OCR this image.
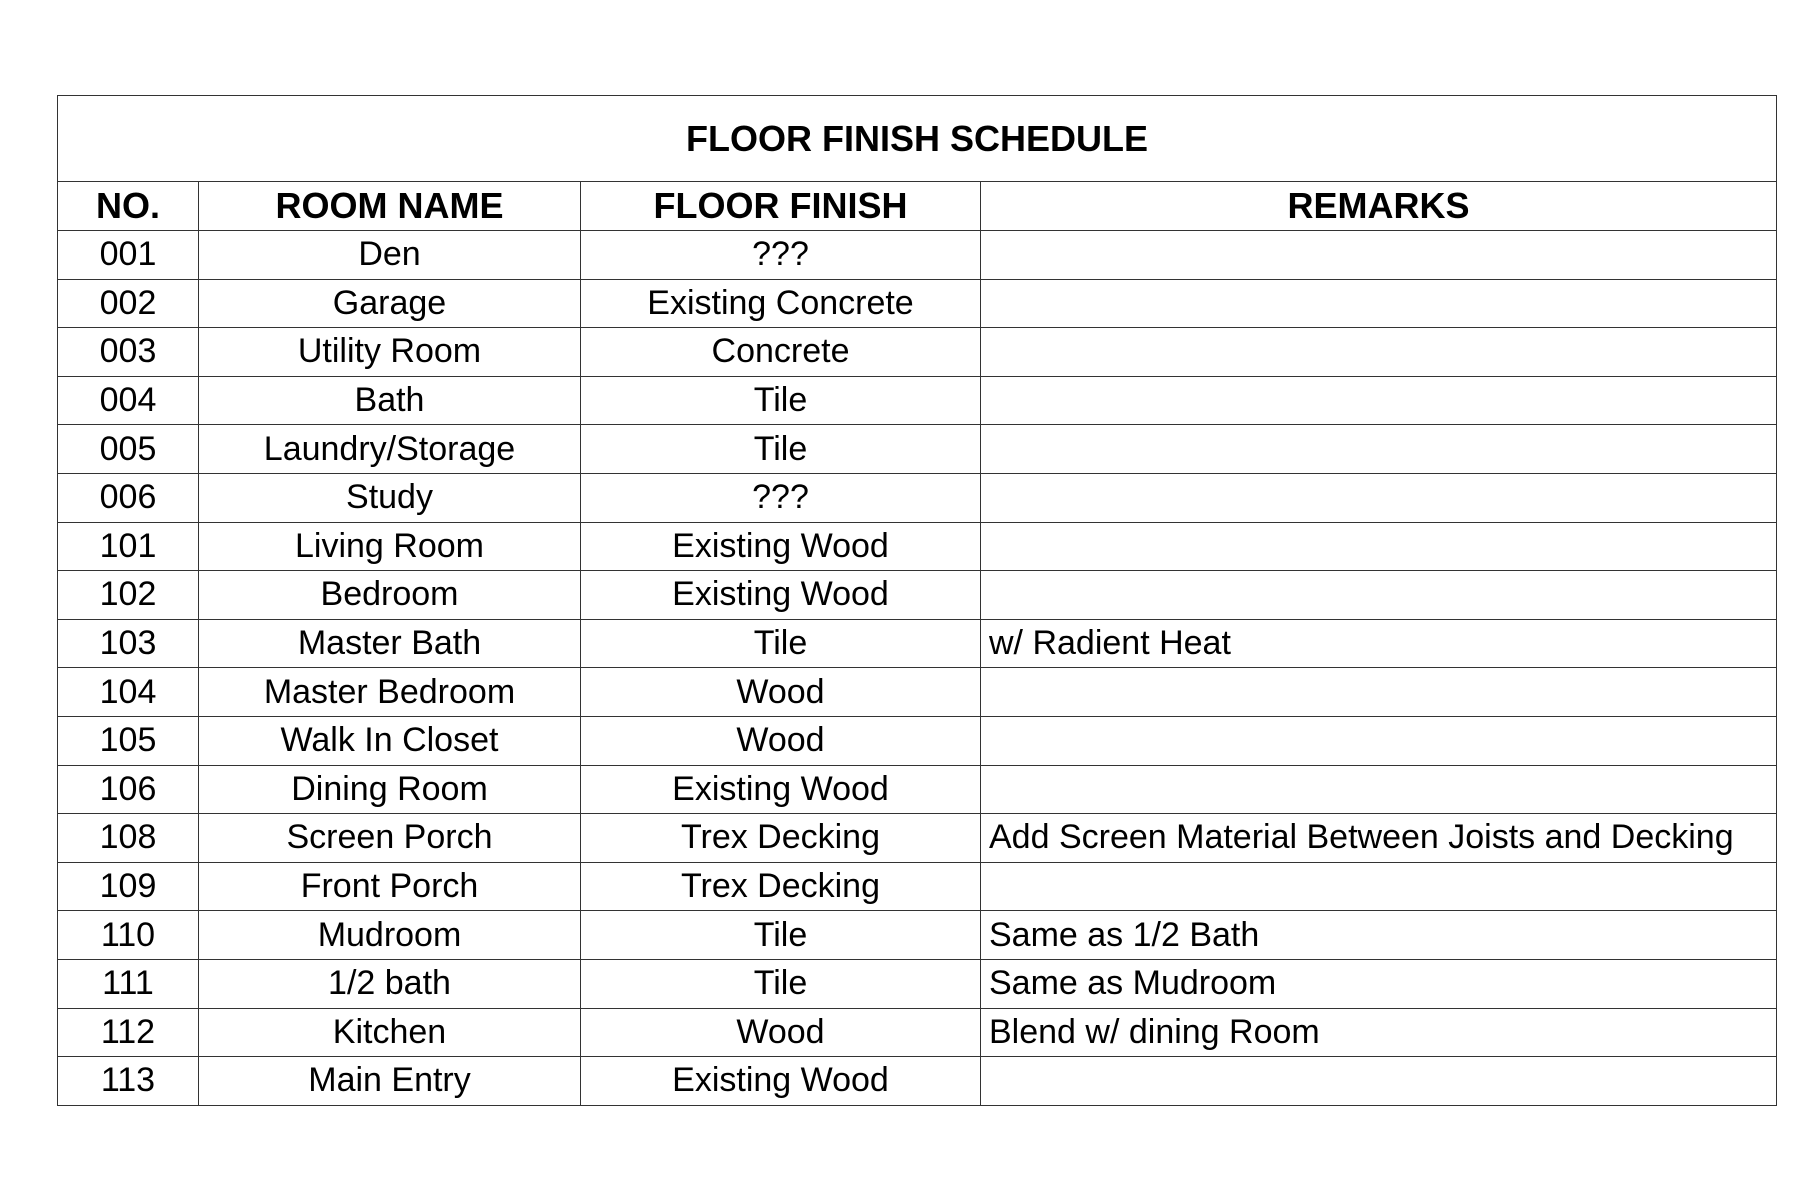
FLOOR FINISH SCHEDULE			
NO.	ROOM NAME	FLOOR FINISH	REMARKS
001	Den	???	
002	Garage	Existing Concrete	
003	Utility Room	Concrete	
004	Bath	Tile	
005	Laundry/Storage	Tile	
006	Study	???	
101	Living Room	Existing Wood	
102	Bedroom	Existing Wood	
103	Master Bath	Tile	w/ Radient Heat
104	Master Bedroom	Wood	
105	Walk In Closet	Wood	
106	Dining Room	Existing Wood	
108	Screen Porch	Trex Decking	Add Screen Material Between Joists and Decking
109	Front Porch	Trex Decking	
110	Mudroom	Tile	Same as 1/2 Bath
111	1/2 bath	Tile	Same as Mudroom
112	Kitchen	Wood	Blend w/ dining Room
113	Main Entry	Existing Wood	
